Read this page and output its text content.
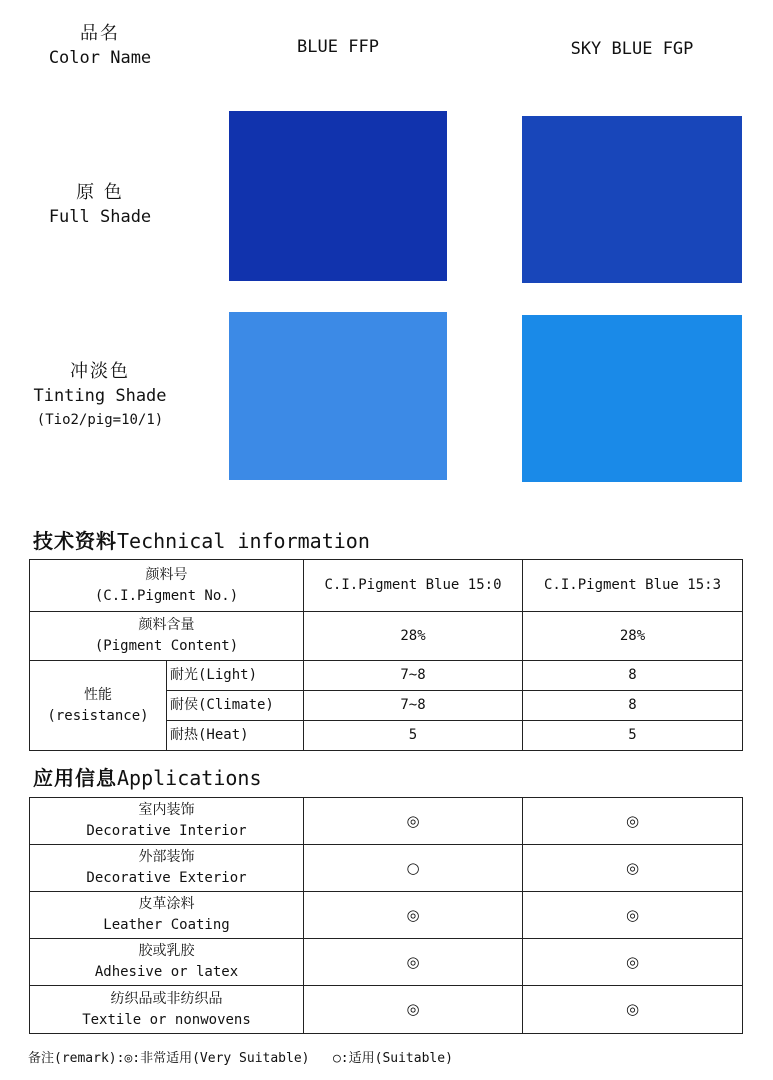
品名
Color Name
BLUE FFP	SKY BLUE FGP
原 色
Full Shade
冲淡色
Tinting Shade
(Tio2/pig=10/1)
技术资料Technical information
颜料号
(C.I.Pigment No.)		C.I.Pigment Blue 15:0	C.I.Pigment Blue 15:3

颜料含量
(Pigment Content)		28%	28%

性能
(resistance)	耐光(Light)	7~8	8
	耐侯(Climate)	7~8	8
	耐热(Heat)	5	5
应用信息Applications
室内装饰
Decorative Interior	◎	◎

外部装饰
Decorative Exterior	○	◎

皮革涂料
Leather Coating	◎	◎

胶或乳胶
Adhesive or latex	◎	◎

纺织品或非纺织品
Textile or nonwovens	◎	◎
备注(remark):◎:非常适用(Very Suitable)   ○:适用(Suitable)
